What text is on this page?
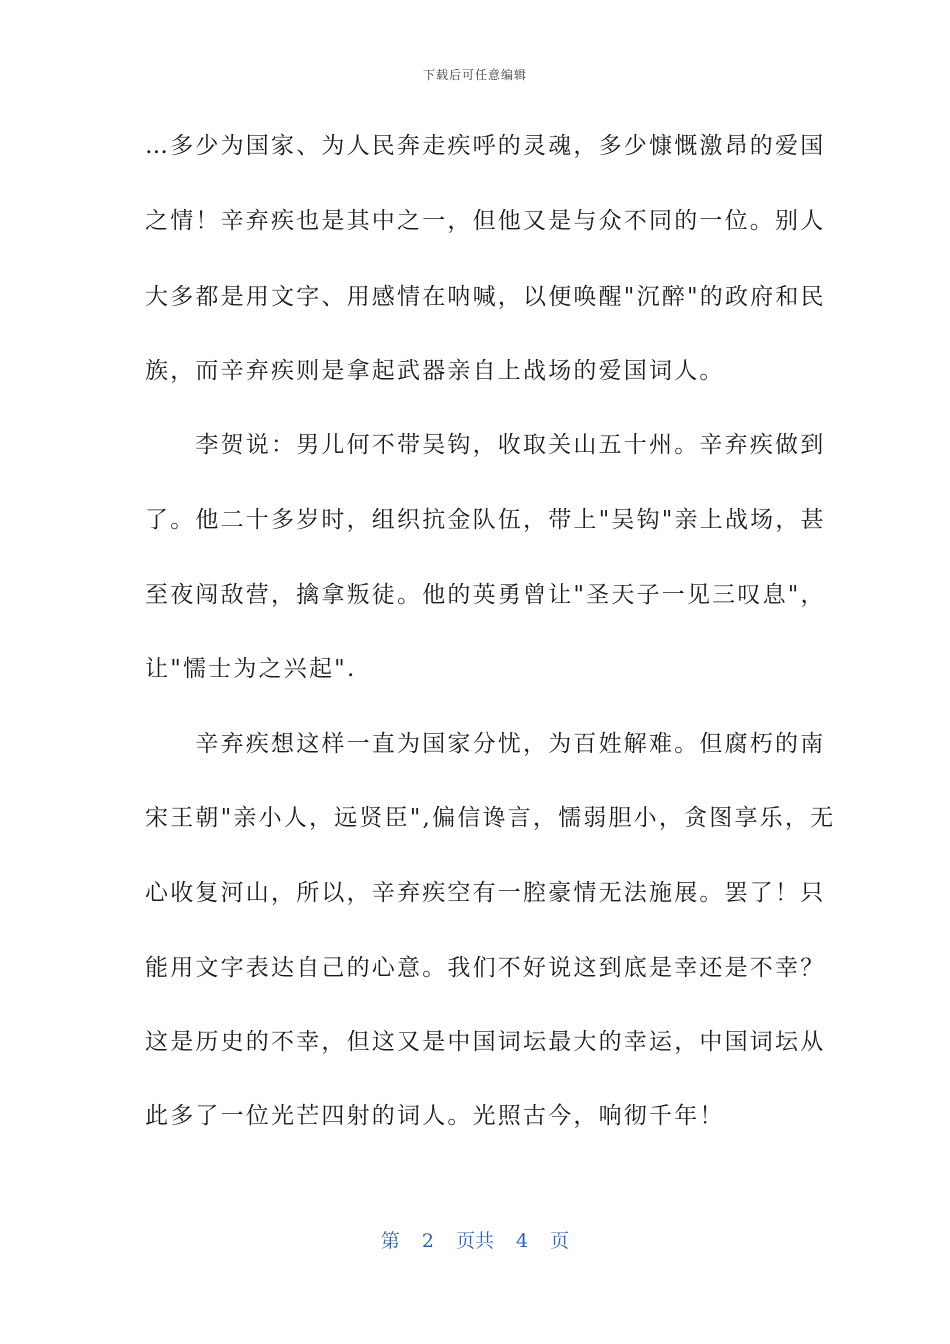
下载后可任意编辑
…多少为国家、为人民奔走疾呼的灵魂，多少慷慨激昂的爱国
之情！辛弃疾也是其中之一，但他又是与众不同的一位。别人
大多都是用文字、用感情在呐喊，以便唤醒"沉醉"的政府和民
族，而辛弃疾则是拿起武器亲自上战场的爱国词人。
　　李贺说：男儿何不带吴钩，收取关山五十州。辛弃疾做到
了。他二十多岁时，组织抗金队伍，带上"吴钩"亲上战场，甚
至夜闯敌营，擒拿叛徒。他的英勇曾让"圣天子一见三叹息"，
让"懦士为之兴起".
　　辛弃疾想这样一直为国家分忧，为百姓解难。但腐朽的南
宋王朝"亲小人，远贤臣",偏信谗言，懦弱胆小，贪图享乐，无
心收复河山，所以，辛弃疾空有一腔豪情无法施展。罢了！只
能用文字表达自己的心意。我们不好说这到底是幸还是不幸？
这是历史的不幸，但这又是中国词坛最大的幸运，中国词坛从
此多了一位光芒四射的词人。光照古今，响彻千年！
第 2 页共 4 页
